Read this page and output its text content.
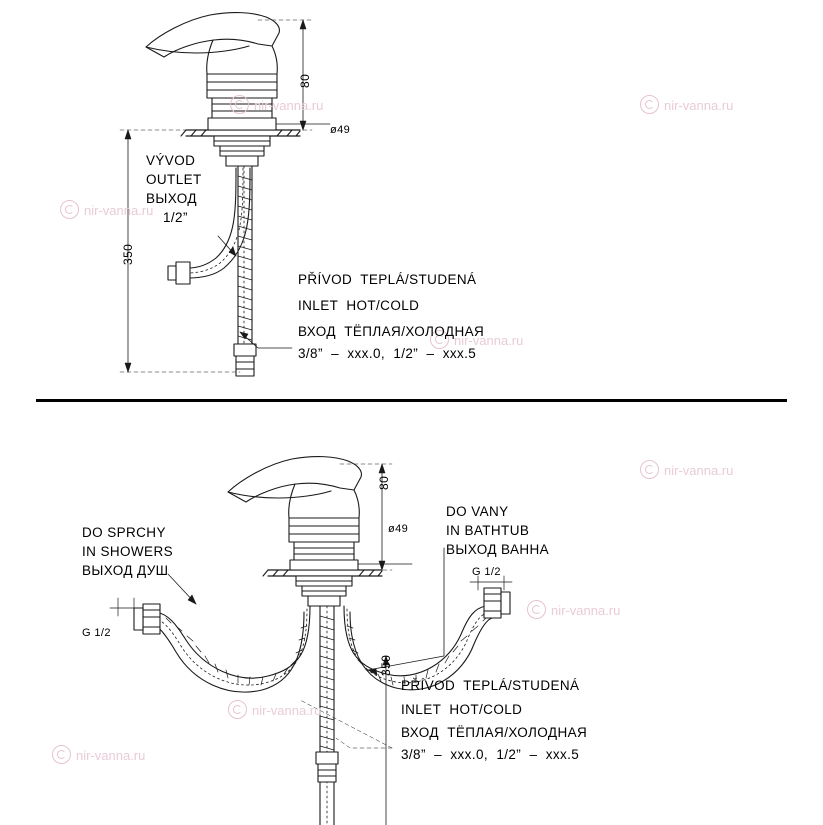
nir-vanna.ru
nir-vanna.ru
nir-vanna.ru
nir-vanna.ru
nir-vanna.ru
nir-vanna.ru
nir-vanna.ru
nir-vanna.ru
350
80
ø49
VÝVOD
OUTLET
ВЫХОД
1/2”
PŘÍVOD  TEPLÁ/STUDENÁ
INLET  HOT/COLD
ВХОД  ТЁПЛАЯ/ХОЛОДНАЯ
3/8”  –  xxx.0,  1/2”  –  xxx.5
80
ø49
350
G 1/2
G 1/2
DO SPRCHY
IN SHOWERS
ВЫХОД ДУШ
DO VANY
IN BATHTUB
ВЫХОД ВАННА
PŘÍVOD  TEPLÁ/STUDENÁ
INLET  HOT/COLD
ВХОД  ТЁПЛАЯ/ХОЛОДНАЯ
3/8”  –  xxx.0,  1/2”  –  xxx.5
